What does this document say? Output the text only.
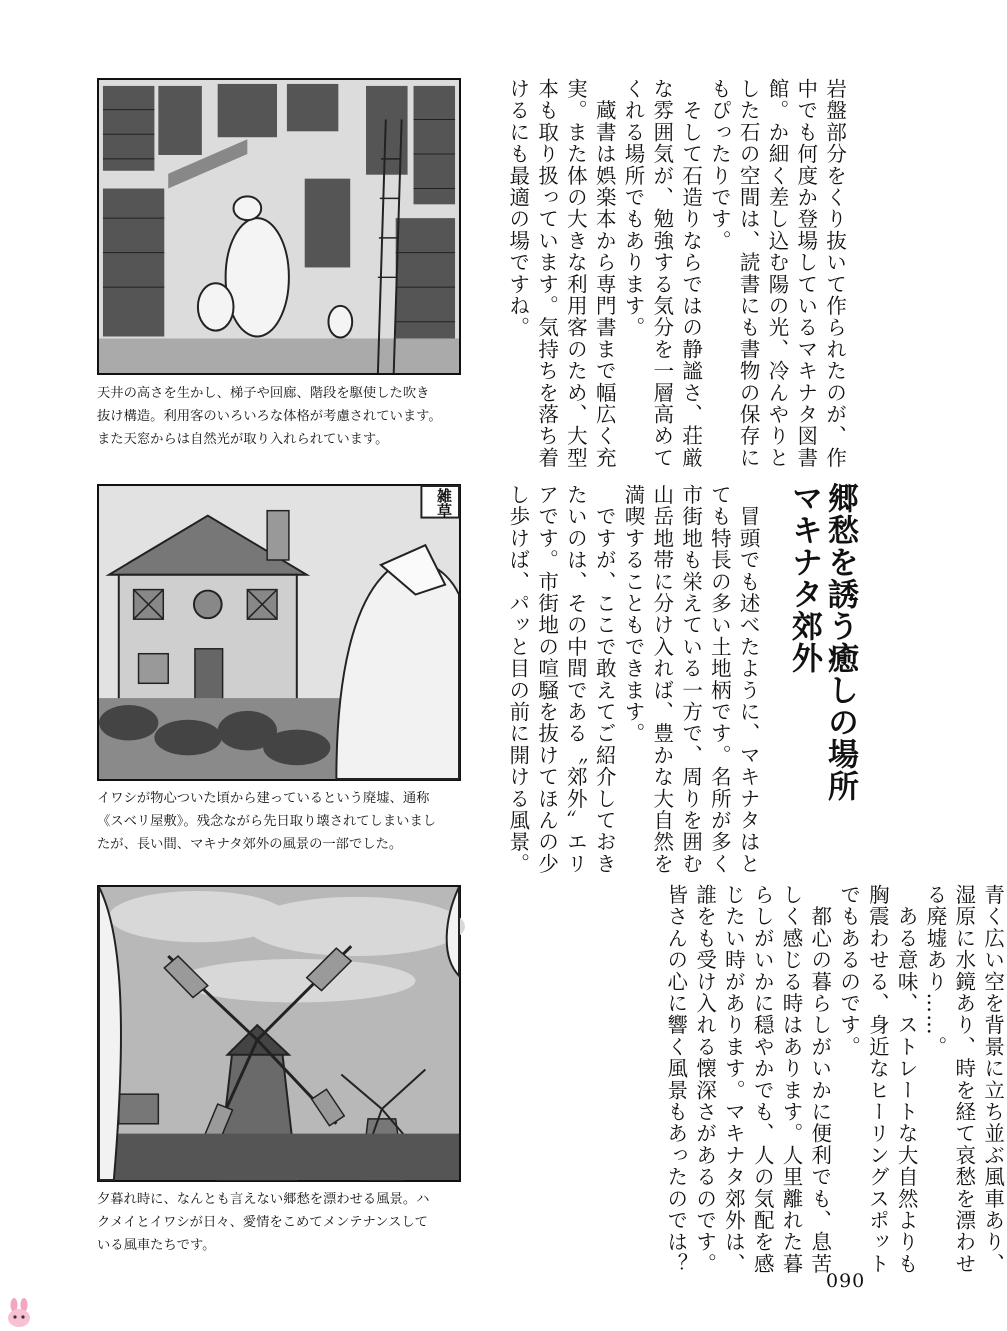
天井の高さを生かし、梯子や回廊、階段を駆使した吹き
抜け構造。利用客のいろいろな体格が考慮されています。
また天窓からは自然光が取り入れられています。
雑草
イワシが物心ついた頃から建っているという廃墟、通称
《スベリ屋敷》。残念ながら先日取り壊されてしまいまし
たが、長い間、マキナタ郊外の風景の一部でした。
夕暮れ時に、なんとも言えない郷愁を漂わせる風景。ハ
クメイとイワシが日々、愛情をこめてメンテナンスして
いる風車たちです。
岩盤部分をくり抜いて作られたのが、作
中でも何度か登場しているマキナタ図書
館。か細く差し込む陽の光、冷んやりと
した石の空間は、読書にも書物の保存に
もぴったりです。
　そして石造りならではの静謐さ、荘厳
な雰囲気が、勉強する気分を一層高めて
くれる場所でもあります。
　蔵書は娯楽本から専門書まで幅広く充
実。また体の大きな利用客のため、大型
本も取り扱っています。気持ちを落ち着
けるにも最適の場ですね。
郷愁を誘う癒しの場所
マキナタ郊外
　冒頭でも述べたように、マキナタはと
ても特長の多い土地柄です。名所が多く
市街地も栄えている一方で、周りを囲む
山岳地帯に分け入れば、豊かな大自然を
満喫することもできます。
　ですが、ここで敢えてご紹介しておき
たいのは、その中間である〝郊外〟エリ
アです。市街地の喧騒を抜けてほんの少
し歩けば、パッと目の前に開ける風景。
青く広い空を背景に立ち並ぶ風車あり、
湿原に水鏡あり、時を経て哀愁を漂わせ
る廃墟あり……。
　ある意味、ストレートな大自然よりも
胸震わせる、身近なヒーリングスポット
でもあるのです。
　都心の暮らしがいかに便利でも、息苦
しく感じる時はあります。人里離れた暮
らしがいかに穏やかでも、人の気配を感
じたい時があります。マキナタ郊外は、
誰をも受け入れる懐深さがあるのです。
皆さんの心に響く風景もあったのでは？
090
